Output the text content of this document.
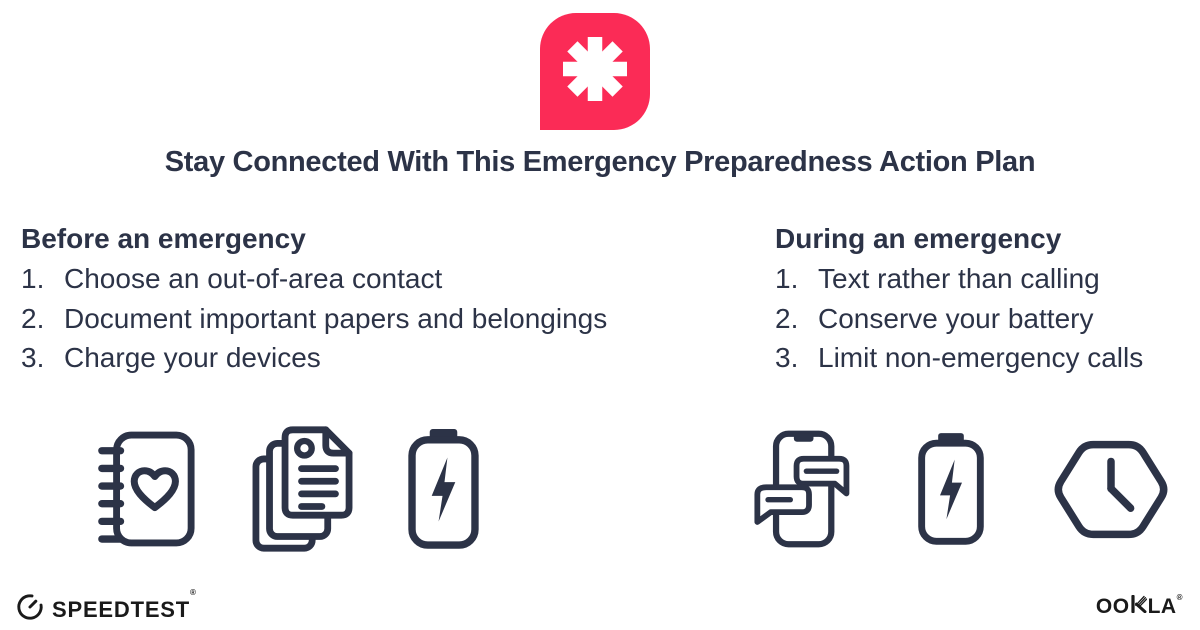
Stay Connected With This Emergency Preparedness Action Plan
Before an emergency
1. Choose an out-of-area contact
2. Document important papers and belongings
3. Charge your devices
During an emergency
1. Text rather than calling
2. Conserve your battery
3. Limit non-emergency calls
SPEEDTEST®
OO LA ®
